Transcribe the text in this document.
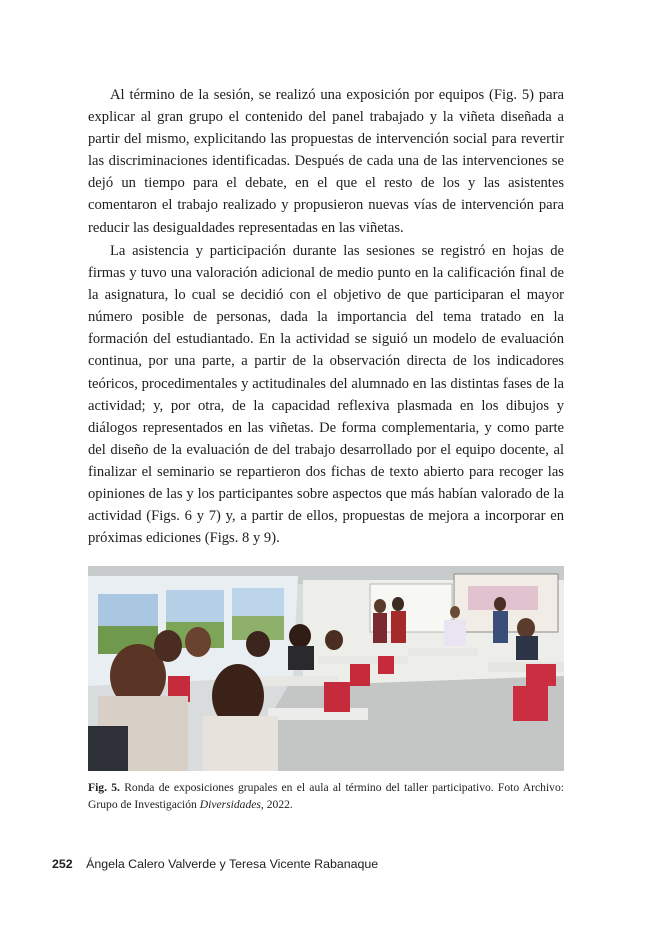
Al término de la sesión, se realizó una exposición por equipos (Fig. 5) para explicar al gran grupo el contenido del panel trabajado y la viñeta diseñada a partir del mismo, explicitando las propuestas de intervención social para revertir las discriminaciones identificadas. Después de cada una de las intervenciones se dejó un tiempo para el debate, en el que el resto de los y las asistentes comentaron el trabajo realizado y propusieron nuevas vías de intervención para reducir las desigualdades representadas en las viñetas.

La asistencia y participación durante las sesiones se registró en hojas de firmas y tuvo una valoración adicional de medio punto en la calificación final de la asignatura, lo cual se decidió con el objetivo de que participaran el mayor número posible de personas, dada la importancia del tema tratado en la formación del estudiantado. En la actividad se siguió un modelo de evaluación continua, por una parte, a partir de la observación directa de los indicadores teóricos, procedimentales y actitudinales del alumnado en las distintas fases de la actividad; y, por otra, de la capacidad reflexiva plasmada en los dibujos y diálogos representados en las viñetas. De forma complementaria, y como parte del diseño de la evaluación de del trabajo desarrollado por el equipo docente, al finalizar el seminario se repartieron dos fichas de texto abierto para recoger las opiniones de las y los participantes sobre aspectos que más habían valorado de la actividad (Figs. 6 y 7) y, a partir de ellos, propuestas de mejora a incorporar en próximas ediciones (Figs. 8 y 9).

Fig. 5. Ronda de exposiciones grupales en el aula al término del taller participativo. Foto Archivo: Grupo de Investigación Diversidades, 2022.

252 Ángela Calero Valverde y Teresa Vicente Rabanaque
